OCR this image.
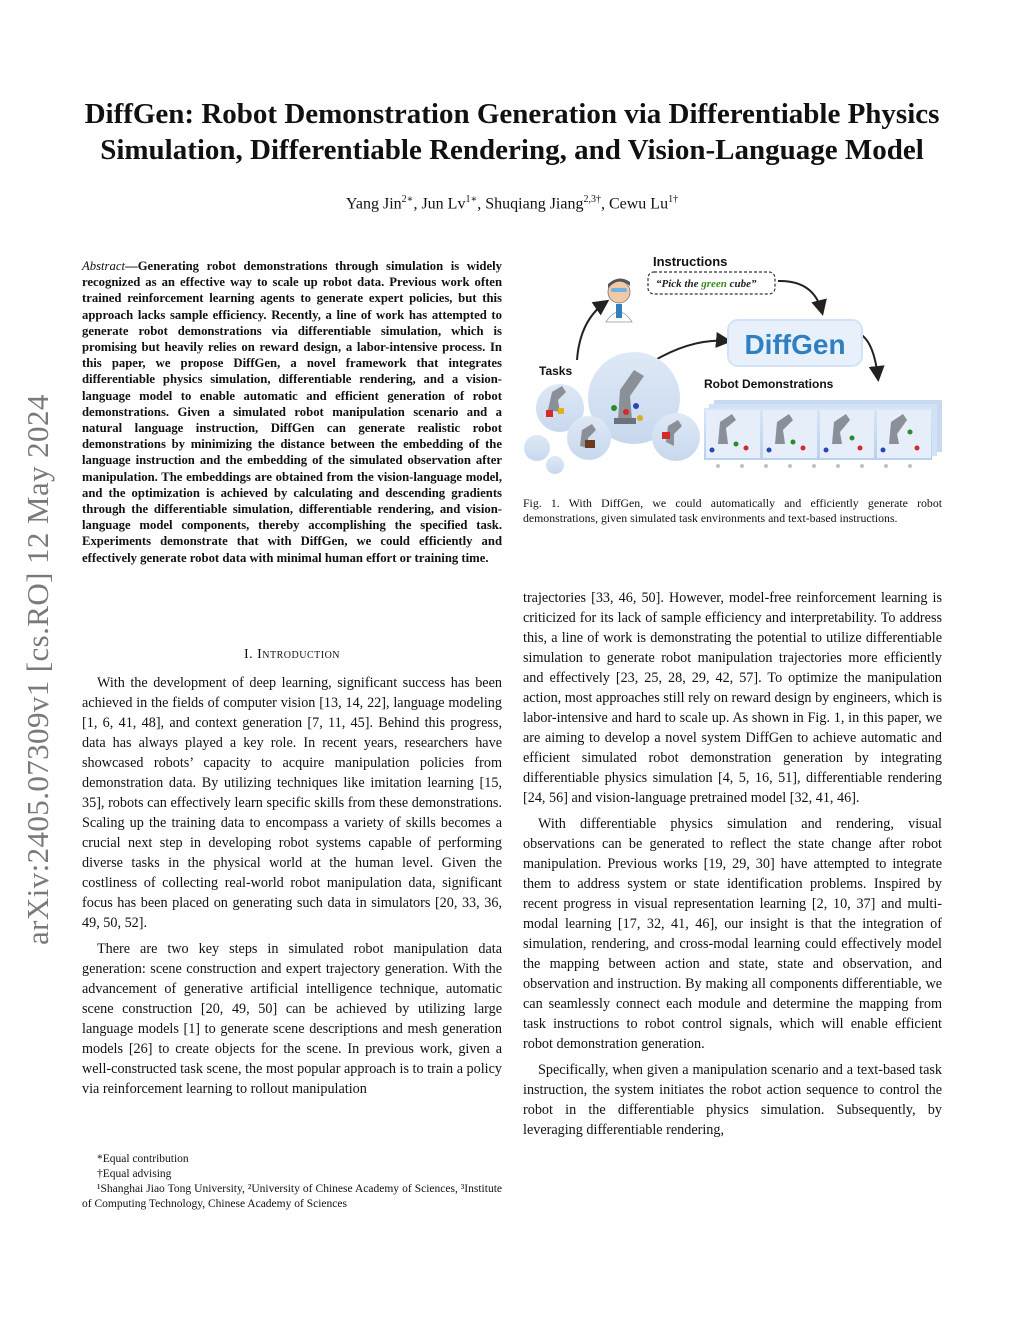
arXiv:2405.07309v1 [cs.RO] 12 May 2024
DiffGen: Robot Demonstration Generation via Differentiable Physics Simulation, Differentiable Rendering, and Vision-Language Model
Yang Jin$^{2∗}$, Jun $Lv^{1∗}$, Shuqiang Jiang$^{2,3\dagger}$, Cewu $Lu^{1\dagger}$
Abstract—Generating robot demonstrations through simulation is widely recognized as an effective way to scale up robot data. Previous work often trained reinforcement learning agents to generate expert policies, but this approach lacks sample efficiency. Recently, a line of work has attempted to generate robot demonstrations via differentiable simulation, which is promising but heavily relies on reward design, a labor-intensive process. In this paper, we propose DiffGen, a novel framework that integrates differentiable physics simulation, differentiable rendering, and a vision-language model to enable automatic and efficient generation of robot demonstrations. Given a simulated robot manipulation scenario and a natural language instruction, DiffGen can generate realistic robot demonstrations by minimizing the distance between the embedding of the language instruction and the embedding of the simulated observation after manipulation. The embeddings are obtained from the vision-language model, and the optimization is achieved by calculating and descending gradients through the differentiable simulation, differentiable rendering, and vision-language model components, thereby accomplishing the specified task. Experiments demonstrate that with DiffGen, we could efficiently and effectively generate robot data with minimal human effort or training time.
I. Introduction

With the development of deep learning, significant success has been achieved in the fields of computer vision [13, 14, 22], language modeling [1, 6, 41, 48], and context generation [7, 11, 45]. Behind this progress, data has always played a key role. In recent years, researchers have showcased robots’ capacity to acquire manipulation policies from demonstration data. By utilizing techniques like imitation learning [15, 35], robots can effectively learn specific skills from these demonstrations. Scaling up the training data to encompass a variety of skills becomes a crucial next step in developing robot systems capable of performing diverse tasks in the physical world at the human level. Given the costliness of collecting real-world robot manipulation data, significant focus has been placed on generating such data in simulators [20, 33, 36, 49, 50, 52].

There are two key steps in simulated robot manipulation data generation: scene construction and expert trajectory generation. With the advancement of generative artificial intelligence technique, automatic scene construction [20, 49, 50] can be achieved by utilizing large language models [1] to generate scene descriptions and mesh generation models [26] to create objects for the scene. In previous work, given a well-constructed task scene, the most popular approach is to train a policy via reinforcement learning to rollout manipulation

*Equal contribution
†Equal advising
¹Shanghai Jiao Tong University, ²University of Chinese Academy of Sciences, ³Institute of Computing Technology, Chinese Academy of Sciences
Instructions
“Pick the green cube”
DiffGen
Tasks
Robot Demonstrations
Fig. 1. With DiffGen, we could automatically and efficiently generate robot demonstrations, given simulated task environments and text-based instructions.

trajectories [33, 46, 50]. However, model-free reinforcement learning is criticized for its lack of sample efficiency and interpretability. To address this, a line of work is demonstrating the potential to utilize differentiable simulation to generate robot manipulation trajectories more efficiently and effectively [23, 25, 28, 29, 42, 57]. To optimize the manipulation action, most approaches still rely on reward design by engineers, which is labor-intensive and hard to scale up. As shown in Fig. 1, in this paper, we are aiming to develop a novel system DiffGen to achieve automatic and efficient simulated robot demonstration generation by integrating differentiable physics simulation [4, 5, 16, 51], differentiable rendering [24, 56] and vision-language pretrained model [32, 41, 46].

With differentiable physics simulation and rendering, visual observations can be generated to reflect the state change after robot manipulation. Previous works [19, 29, 30] have attempted to integrate them to address system or state identification problems. Inspired by recent progress in visual representation learning [2, 10, 37] and multi-modal learning [17, 32, 41, 46], our insight is that the integration of simulation, rendering, and cross-modal learning could effectively model the mapping between action and state, state and observation, and observation and instruction. By making all components differentiable, we can seamlessly connect each module and determine the mapping from task instructions to robot control signals, which will enable efficient robot demonstration generation.

Specifically, when given a manipulation scenario and a text-based task instruction, the system initiates the robot action sequence to control the robot in the differentiable physics simulation. Subsequently, by leveraging differentiable rendering,
